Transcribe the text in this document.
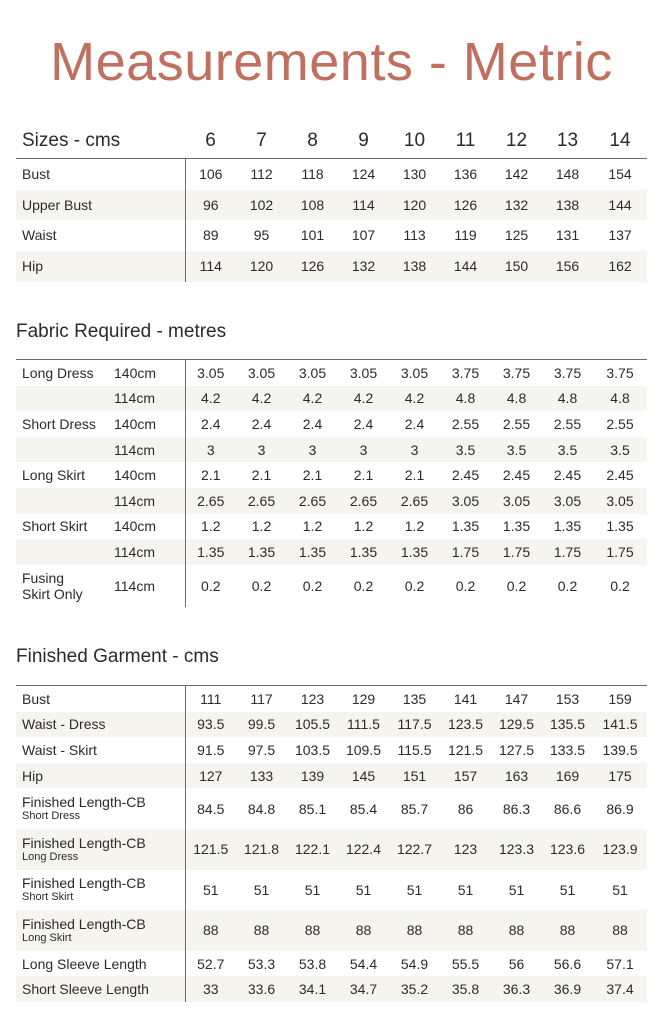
Measurements - Metric
Sizes - cms	6	7	8	9	10	11	12	13	14
Bust	106	112	118	124	130	136	142	148	154
Upper Bust	96	102	108	114	120	126	132	138	144
Waist	89	95	101	107	113	119	125	131	137
Hip	114	120	126	132	138	144	150	156	162
Fabric Required - metres
Long Dress	140cm	3.05	3.05	3.05	3.05	3.05	3.75	3.75	3.75	3.75
	114cm	4.2	4.2	4.2	4.2	4.2	4.8	4.8	4.8	4.8
Short Dress	140cm	2.4	2.4	2.4	2.4	2.4	2.55	2.55	2.55	2.55
	114cm	3	3	3	3	3	3.5	3.5	3.5	3.5
Long Skirt	140cm	2.1	2.1	2.1	2.1	2.1	2.45	2.45	2.45	2.45
	114cm	2.65	2.65	2.65	2.65	2.65	3.05	3.05	3.05	3.05
Short Skirt	140cm	1.2	1.2	1.2	1.2	1.2	1.35	1.35	1.35	1.35
	114cm	1.35	1.35	1.35	1.35	1.35	1.75	1.75	1.75	1.75

Fusing
Skirt Only	114cm	0.2	0.2	0.2	0.2	0.2	0.2	0.2	0.2	0.2
Finished Garment - cms
Bust	111	117	123	129	135	141	147	153	159
Waist - Dress	93.5	99.5	105.5	111.5	117.5	123.5	129.5	135.5	141.5
Waist - Skirt	91.5	97.5	103.5	109.5	115.5	121.5	127.5	133.5	139.5
Hip	127	133	139	145	151	157	163	169	175

Finished Length-CB
Short Dress	84.5	84.8	85.1	85.4	85.7	86	86.3	86.6	86.9

Finished Length-CB
Long Dress	121.5	121.8	122.1	122.4	122.7	123	123.3	123.6	123.9

Finished Length-CB
Short Skirt	51	51	51	51	51	51	51	51	51

Finished Length-CB
Long Skirt	88	88	88	88	88	88	88	88	88
Long Sleeve Length	52.7	53.3	53.8	54.4	54.9	55.5	56	56.6	57.1
Short Sleeve Length	33	33.6	34.1	34.7	35.2	35.8	36.3	36.9	37.4
